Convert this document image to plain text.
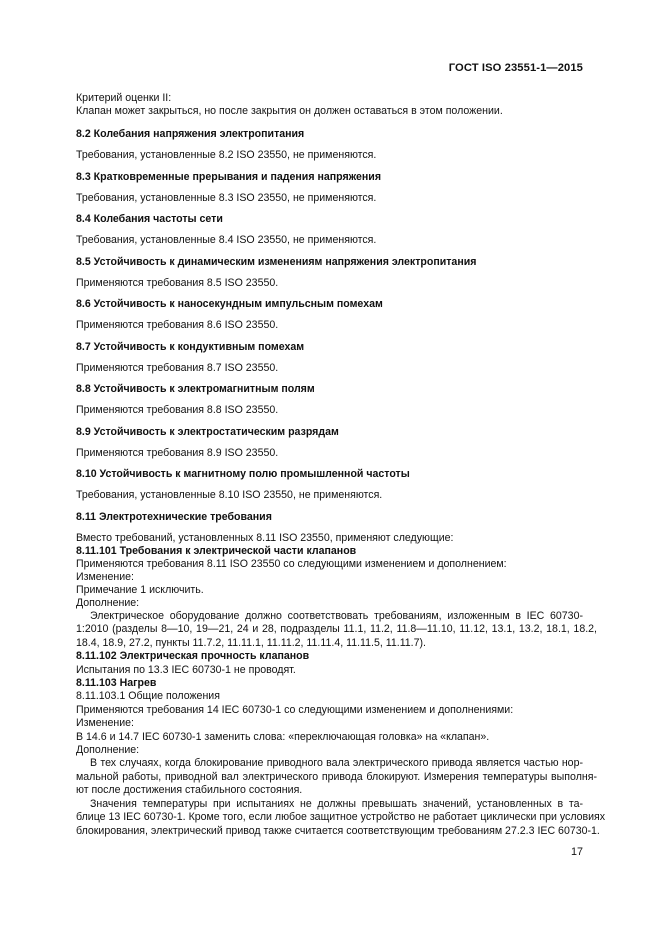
ГОСТ ISO 23551-1—2015
Критерий оценки II:
Клапан может закрыться, но после закрытия он должен оставаться в этом положении.
8.2 Колебания напряжения электропитания
Требования, установленные 8.2 ISO 23550, не применяются.
8.3 Кратковременные прерывания и падения напряжения
Требования, установленные 8.3 ISO 23550, не применяются.
8.4 Колебания частоты сети
Требования, установленные 8.4 ISO 23550, не применяются.
8.5 Устойчивость к динамическим изменениям напряжения электропитания
Применяются требования 8.5 ISO 23550.
8.6 Устойчивость к наносекундным импульсным помехам
Применяются требования 8.6 ISO 23550.
8.7 Устойчивость к кондуктивным помехам
Применяются требования 8.7 ISO 23550.
8.8 Устойчивость к электромагнитным полям
Применяются требования 8.8 ISO 23550.
8.9 Устойчивость к электростатическим разрядам
Применяются требования 8.9 ISO 23550.
8.10 Устойчивость к магнитному полю промышленной частоты
Требования, установленные 8.10 ISO 23550, не применяются.
8.11 Электротехнические требования
Вместо требований, установленных 8.11 ISO 23550, применяют следующие:
8.11.101 Требования к электрической части клапанов
Применяются требования 8.11 ISO 23550 со следующими изменением и дополнением:
Изменение:
Примечание 1 исключить.
Дополнение:
Электрическое оборудование должно соответствовать требованиям, изложенным в IEC 60730-
1:2010 (разделы 8—10, 19—21, 24 и 28, подразделы 11.1, 11.2, 11.8—11.10, 11.12, 13.1, 13.2, 18.1, 18.2,
18.4, 18.9, 27.2, пункты 11.7.2, 11.11.1, 11.11.2, 11.11.4, 11.11.5, 11.11.7).
8.11.102 Электрическая прочность клапанов
Испытания по 13.3 IEC 60730-1 не проводят.
8.11.103 Нагрев
8.11.103.1 Общие положения
Применяются требования 14 IEC 60730-1 со следующими изменением и дополнениями:
Изменение:
В 14.6 и 14.7 IEC 60730-1 заменить слова: «переключающая головка» на «клапан».
Дополнение:
В тех случаях, когда блокирование приводного вала электрического привода является частью нор-
мальной работы, приводной вал электрического привода блокируют. Измерения температуры выполня-
ют после достижения стабильного состояния.
Значения температуры при испытаниях не должны превышать значений, установленных в та-
блице 13 IEC 60730-1. Кроме того, если любое защитное устройство не работает циклически при условиях
блокирования, электрический привод также считается соответствующим требованиям 27.2.3 IEC 60730-1.
17
